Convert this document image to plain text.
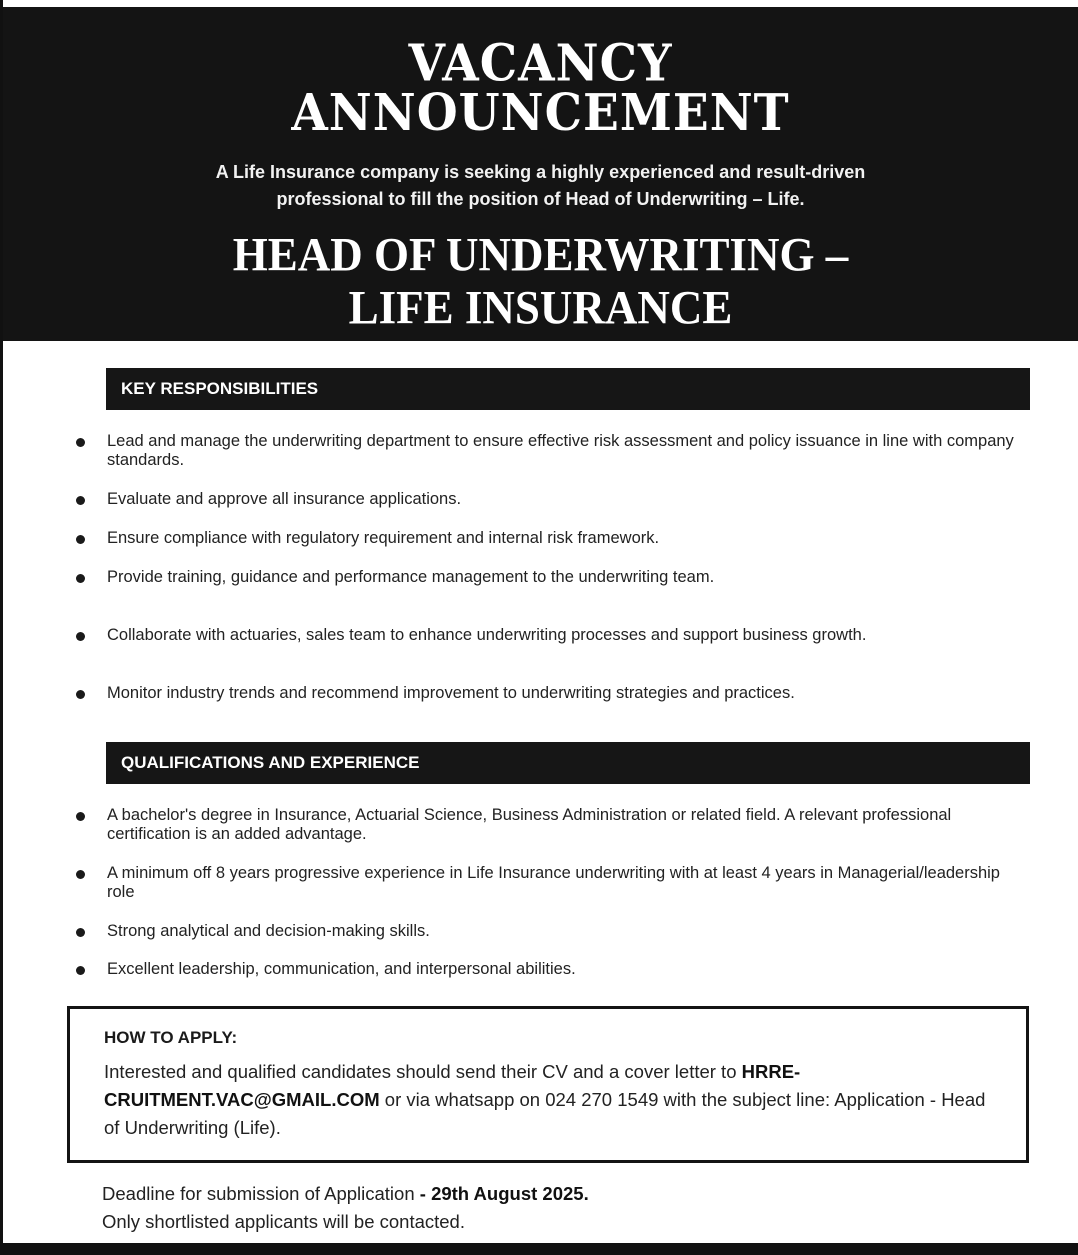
VACANCY
ANNOUNCEMENT
A Life Insurance company is seeking a highly experienced and result-driven
professional to fill the position of Head of Underwriting – Life.
HEAD OF UNDERWRITING –
LIFE INSURANCE
KEY RESPONSIBILITIES
Lead and manage the underwriting department to ensure effective risk assessment and policy issuance in line with company standards.
Evaluate and approve all insurance applications.
Ensure compliance with regulatory requirement and internal risk framework.
Provide training, guidance and performance management to the underwriting team.
Collaborate with actuaries, sales team to enhance underwriting processes and support business growth.
Monitor industry trends and recommend improvement to underwriting strategies and practices.
QUALIFICATIONS AND EXPERIENCE
A bachelor's degree in Insurance, Actuarial Science, Business Administration or related field. A relevant professional certification is an added advantage.
A minimum off 8 years progressive experience in Life Insurance underwriting with at least 4 years in Managerial/leadership role
Strong analytical and decision-making skills.
Excellent leadership, communication, and interpersonal abilities.
HOW TO APPLY:
Interested and qualified candidates should send their CV and a cover letter to HRRE-CRUITMENT.VAC@GMAIL.COM or via whatsapp on 024 270 1549 with the subject line: Application - Head of Underwriting (Life).
Deadline for submission of Application - 29th August 2025.
Only shortlisted applicants will be contacted.
